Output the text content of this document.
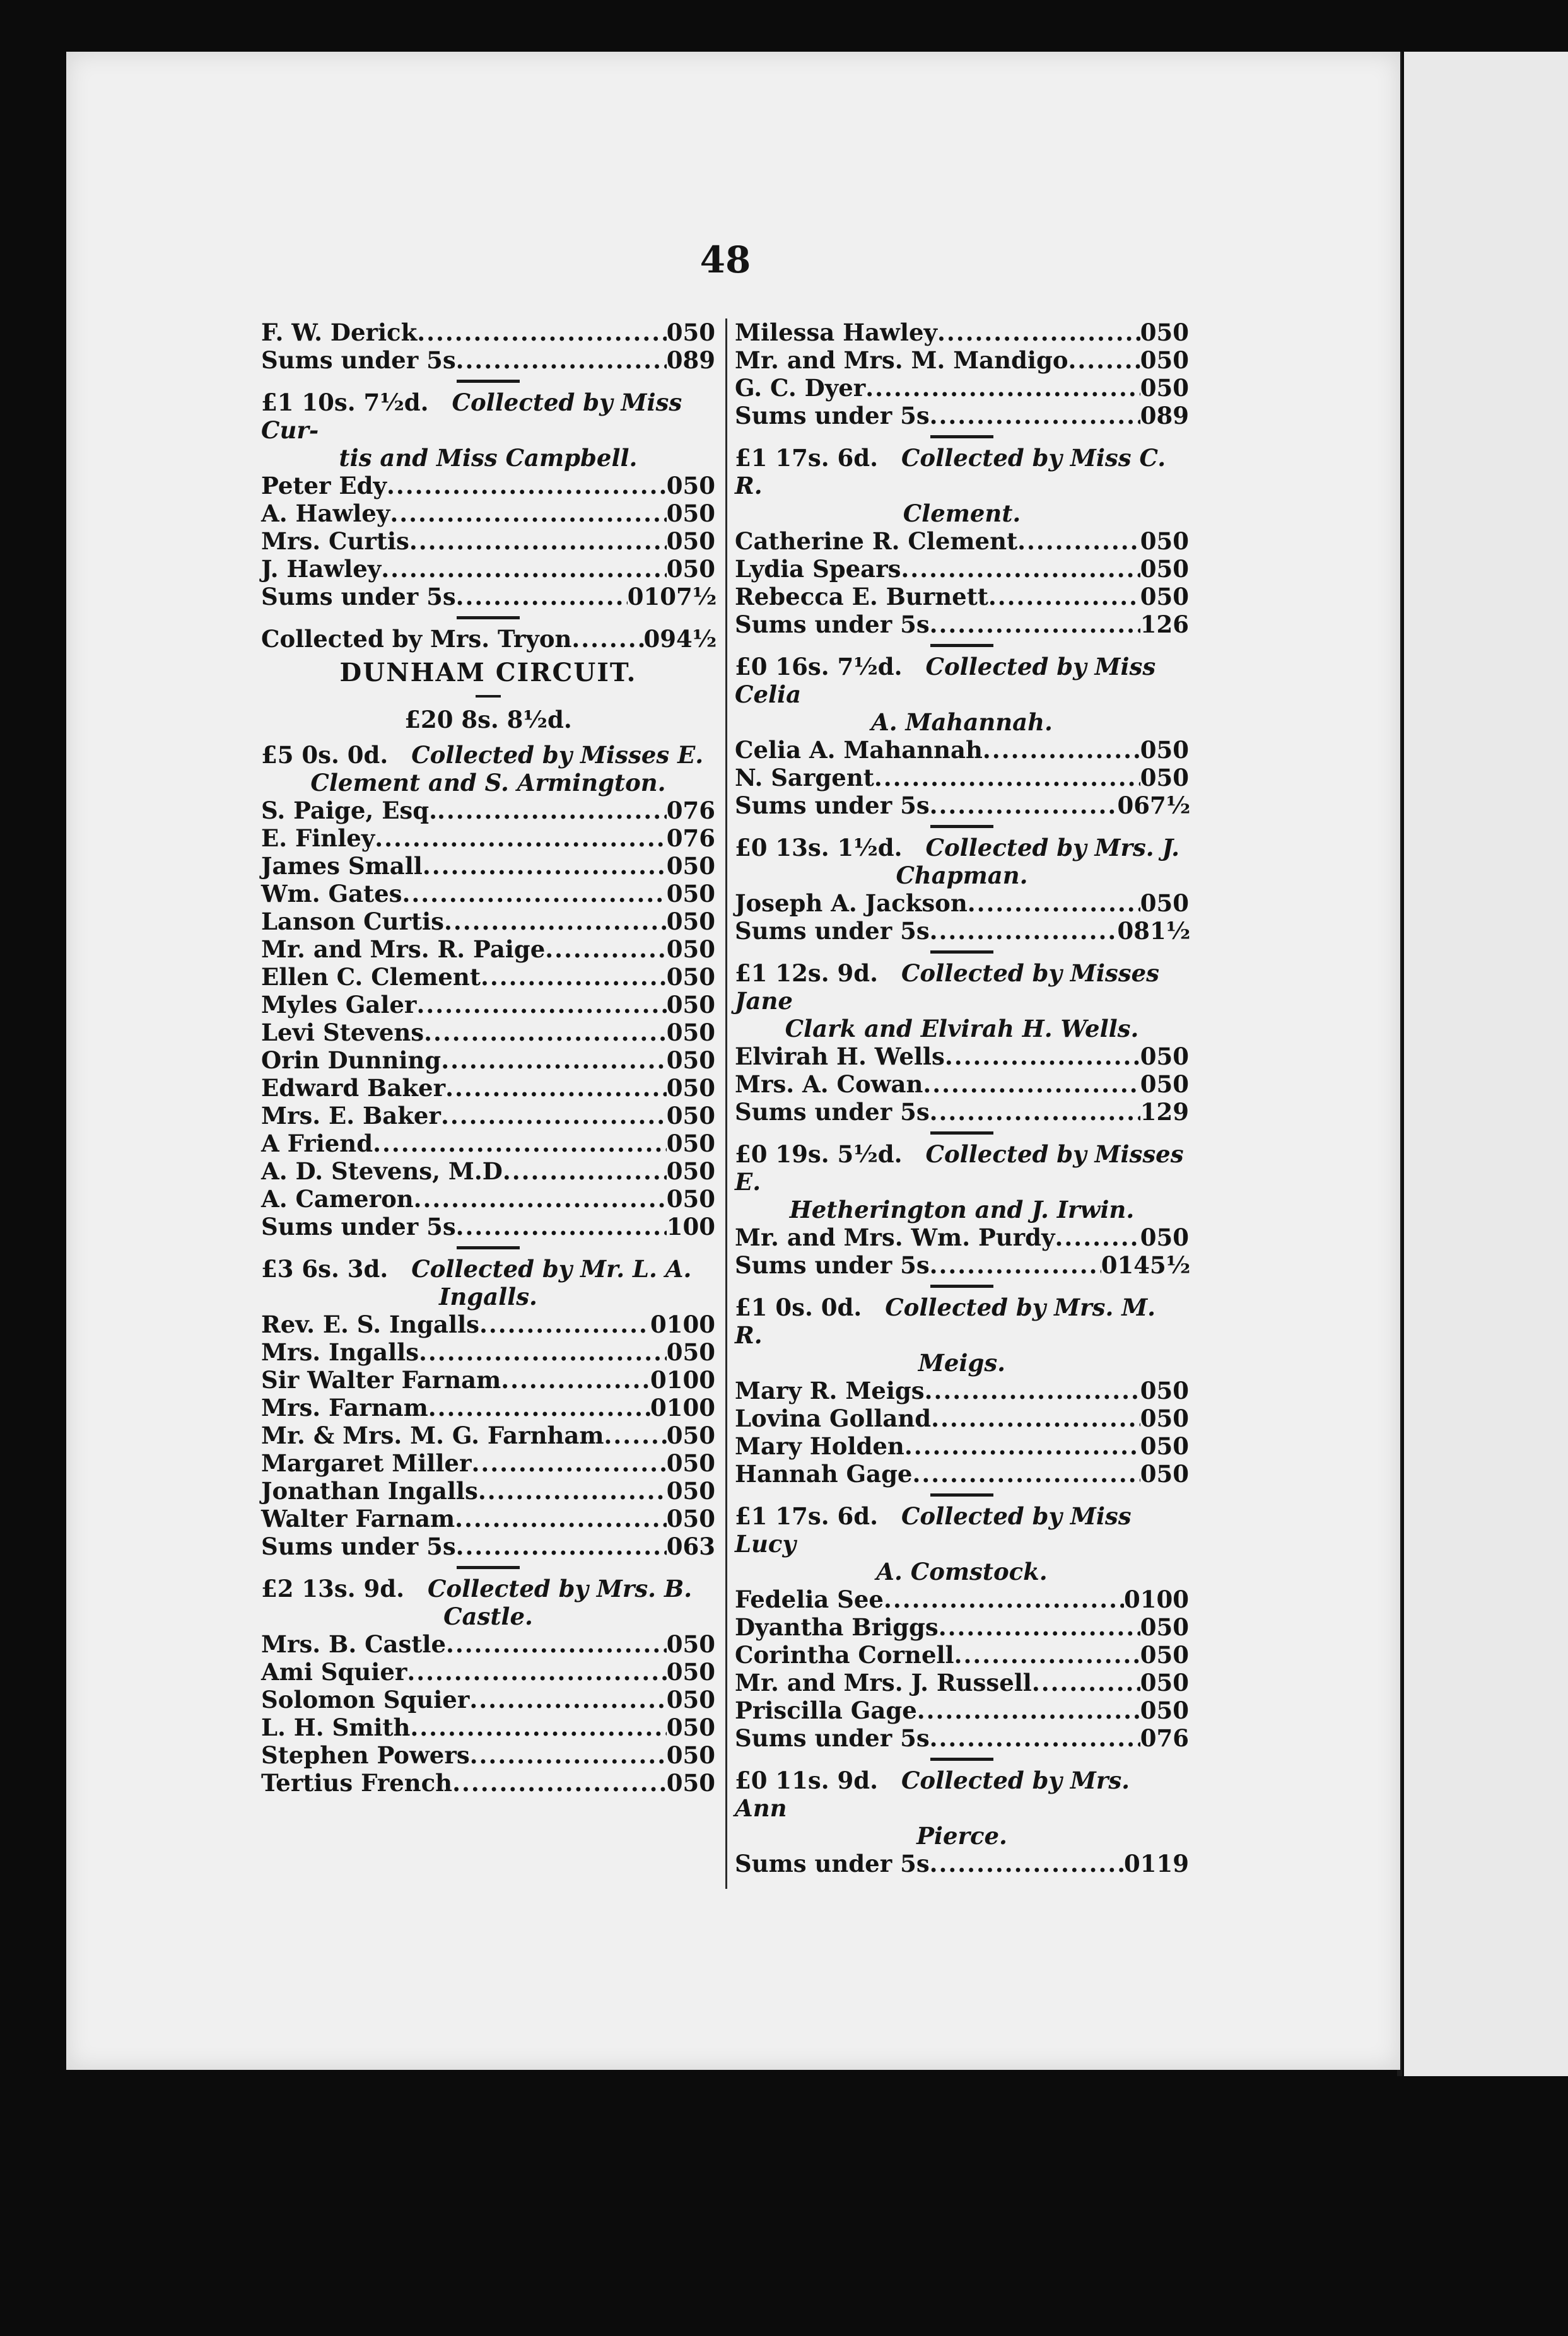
48
F. W. Derick .....	0 5 0
Sums under 5s .....	0 8 9
£1 10s. 7½d.  Collected by Miss Cur-
tis and Miss Campbell.
Peter Edy .....	0 5 0
A. Hawley .....	0 5 0
Mrs. Curtis .....	0 5 0
J. Hawley .....	0 5 0
Sums under 5s .....	0 10 7½
Collected by Mrs. Tryon .....	0 9 4½
DUNHAM CIRCUIT.
£20 8s. 8½d.
£5 0s. 0d.  Collected by Misses E.
Clement and S. Armington.
S. Paige, Esq. .....	0 7 6
E. Finley .....	0 7 6
James Small .....	0 5 0
Wm. Gates .....	0 5 0
Lanson Curtis .....	0 5 0
Mr. and Mrs. R. Paige .....	0 5 0
Ellen C. Clement .....	0 5 0
Myles Galer .....	0 5 0
Levi Stevens .....	0 5 0
Orin Dunning .....	0 5 0
Edward Baker .....	0 5 0
Mrs. E. Baker .....	0 5 0
A Friend .....	0 5 0
A. D. Stevens, M.D .....	0 5 0
A. Cameron .....	0 5 0
Sums under 5s .....	1 0 0
£3 6s. 3d.  Collected by Mr. L. A.
Ingalls.
Rev. E. S. Ingalls .....	0 10 0
Mrs. Ingalls .....	0 5 0
Sir Walter Farnam .....	0 10 0
Mrs. Farnam .....	0 10 0
Mr. & Mrs. M. G. Farnham .....	0 5 0
Margaret Miller .....	0 5 0
Jonathan Ingalls .....	0 5 0
Walter Farnam .....	0 5 0
Sums under 5s .....	0 6 3
£2 13s. 9d.  Collected by Mrs. B.
Castle.
Mrs. B. Castle .....	0 5 0
Ami Squier .....	0 5 0
Solomon Squier .....	0 5 0
L. H. Smith .....	0 5 0
Stephen Powers .....	0 5 0
Tertius French .....	0 5 0
Milessa Hawley .....	0 5 0
Mr. and Mrs. M. Mandigo .....	0 5 0
G. C. Dyer .....	0 5 0
Sums under 5s .....	0 8 9
£1 17s. 6d.  Collected by Miss C. R.
Clement.
Catherine R. Clement .....	0 5 0
Lydia Spears .....	0 5 0
Rebecca E. Burnett .....	0 5 0
Sums under 5s .....	1 2 6
£0 16s. 7½d.  Collected by Miss Celia
A. Mahannah.
Celia A. Mahannah .....	0 5 0
N. Sargent .....	0 5 0
Sums under 5s .....	0 6 7½
£0 13s. 1½d.  Collected by Mrs. J.
Chapman.
Joseph A. Jackson .....	0 5 0
Sums under 5s .....	0 8 1½
£1 12s. 9d.  Collected by Misses Jane
Clark and Elvirah H. Wells.
Elvirah H. Wells .....	0 5 0
Mrs. A. Cowan .....	0 5 0
Sums under 5s .....	1 2 9
£0 19s. 5½d.  Collected by Misses E.
Hetherington and J. Irwin.
Mr. and Mrs. Wm. Purdy .....	0 5 0
Sums under 5s .....	0 14 5½
£1 0s. 0d.  Collected by Mrs. M. R.
Meigs.
Mary R. Meigs .....	0 5 0
Lovina Golland .....	0 5 0
Mary Holden .....	0 5 0
Hannah Gage .....	0 5 0
£1 17s. 6d.  Collected by Miss Lucy
A. Comstock.
Fedelia See .....	0 10 0
Dyantha Briggs .....	0 5 0
Corintha Cornell .....	0 5 0
Mr. and Mrs. J. Russell .....	0 5 0
Priscilla Gage .....	0 5 0
Sums under 5s .....	0 7 6
£0 11s. 9d.  Collected by Mrs. Ann
Pierce.
Sums under 5s .....	0 11 9
